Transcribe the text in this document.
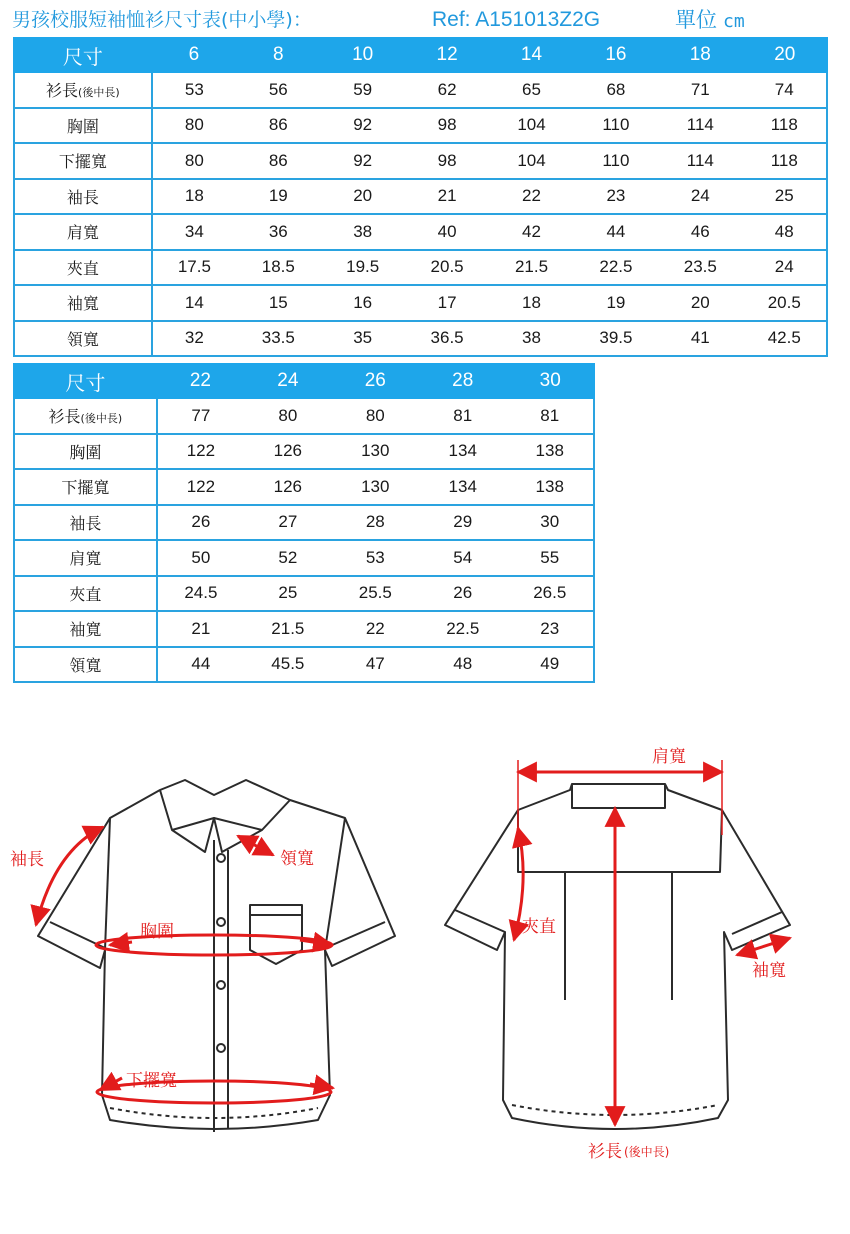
男孩校服短袖恤衫尺寸表(中小學)：	Ref: A151013Z2G	單位 cm
尺寸	6	8	10	12	14	16	18	20
衫長(後中長)	53	56	59	62	65	68	71	74
胸圍	80	86	92	98	104	110	114	118
下擺寬	80	86	92	98	104	110	114	118
袖長	18	19	20	21	22	23	24	25
肩寬	34	36	38	40	42	44	46	48
夾直	17.5	18.5	19.5	20.5	21.5	22.5	23.5	24
袖寬	14	15	16	17	18	19	20	20.5
領寬	32	33.5	35	36.5	38	39.5	41	42.5
尺寸	22	24	26	28	30
衫長(後中長)	77	80	80	81	81
胸圍	122	126	130	134	138
下擺寬	122	126	130	134	138
袖長	26	27	28	29	30
肩寬	50	52	53	54	55
夾直	24.5	25	25.5	26	26.5
袖寬	21	21.5	22	22.5	23
領寬	44	45.5	47	48	49
袖長	領寬
胸圍
下擺寬
肩寬
夾直
袖寬
衫長 (後中長)
